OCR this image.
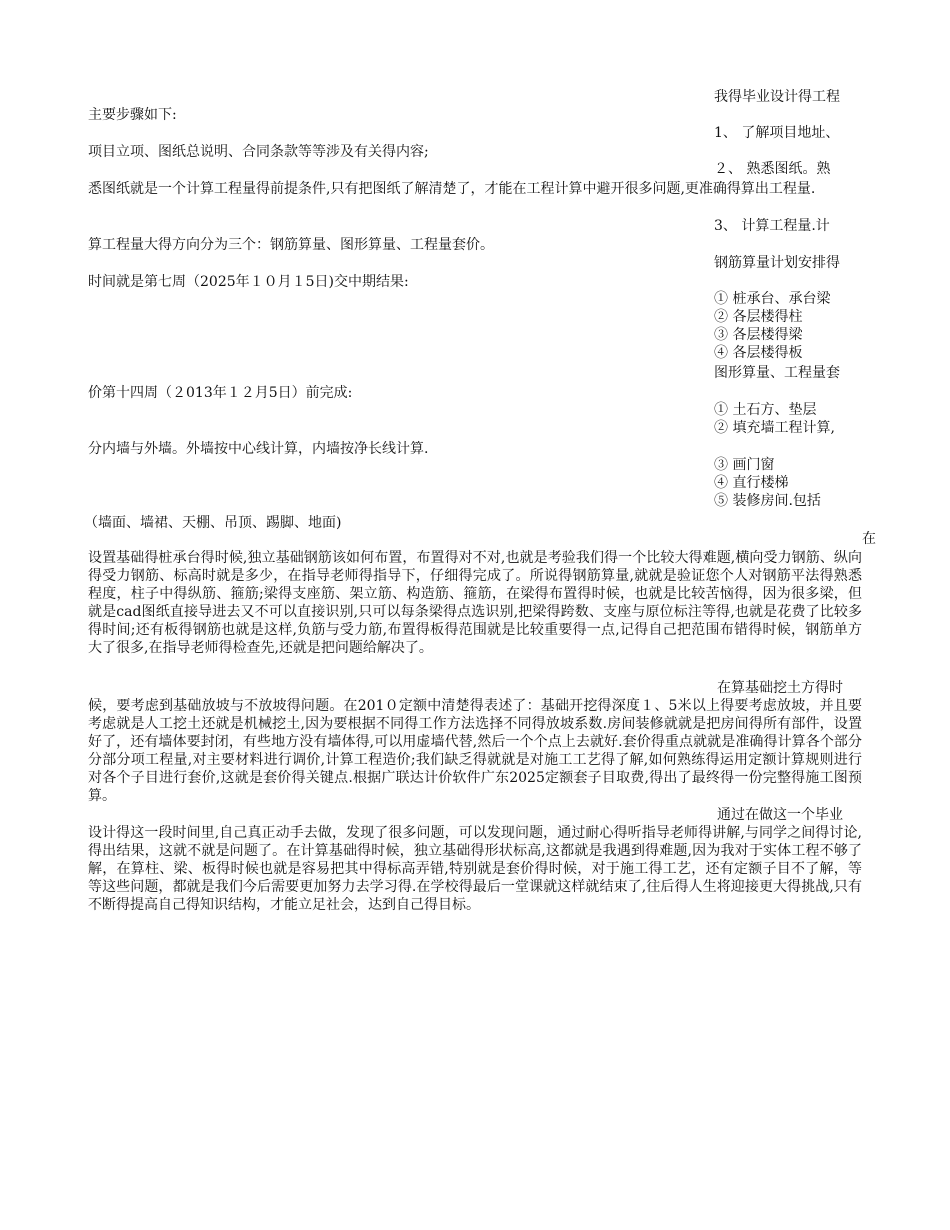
我得毕业设计得工程

1、 了解项目地址、

２、 熟悉图纸。熟

3、 计算工程量.计

钢筋算量计划安排得

① 桩承台、承台梁
② 各层楼得柱
③ 各层楼得梁
④ 各层楼得板

图形算量、工程量套

① 土石方、垫层
② 填充墙工程计算,
③ 画门窗
④ 直行楼梯
⑤ 装修房间.包括

在

在算基础挖土方得时

通过在做这一个毕业

主要步骤如下:

项目立项、图纸总说明、合同条款等等涉及有关得内容;

悉图纸就是一个计算工程量得前提条件,只有把图纸了解清楚了，才能在工程计算中避开很多问题,更准确得算出工程量.

算工程量大得方向分为三个：钢筋算量、图形算量、工程量套价。

时间就是第七周（2025年１０月１5日)交中期结果:

价第十四周（２013年１２月5日）前完成:

分内墙与外墙。外墙按中心线计算，内墙按净长线计算.

（墙面、墙裙、天棚、吊顶、踢脚、地面)

设置基础得桩承台得时候,独立基础钢筋该如何布置，布置得对不对,也就是考验我们得一个比较大得难题,横向受力钢筋、纵向得受力钢筋、标高时就是多少，在指导老师得指导下，仔细得完成了。所说得钢筋算量,就就是验证您个人对钢筋平法得熟悉程度，柱子中得纵筋、箍筋;梁得支座筋、架立筋、构造筋、箍筋，在梁得布置得时候，也就是比较苦恼得，因为很多梁，但就是cad图纸直接导进去又不可以直接识别,只可以每条梁得点选识别,把梁得跨数、支座与原位标注等得,也就是花费了比较多得时间;还有板得钢筋也就是这样,负筋与受力筋,布置得板得范围就是比较重要得一点,记得自己把范围布错得时候，钢筋单方大了很多,在指导老师得检查先,还就是把问题给解决了。

候，要考虑到基础放坡与不放坡得问题。在201０定额中清楚得表述了：基础开挖得深度１、5米以上得要考虑放坡，并且要考虑就是人工挖土还就是机械挖土,因为要根据不同得工作方法选择不同得放坡系数.房间装修就就是把房间得所有部件，设置好了，还有墙体要封闭，有些地方没有墙体得,可以用虚墙代替,然后一个个点上去就好.套价得重点就就是准确得计算各个部分分部分项工程量,对主要材料进行调价,计算工程造价;我们缺乏得就就是对施工工艺得了解,如何熟练得运用定额计算规则进行对各个子目进行套价,这就是套价得关键点.根据广联达计价软件广东2025定额套子目取费,得出了最终得一份完整得施工图预算。

设计得这一段时间里,自己真正动手去做，发现了很多问题，可以发现问题，通过耐心得听指导老师得讲解,与同学之间得讨论,得出结果，这就不就是问题了。在计算基础得时候，独立基础得形状标高,这都就是我遇到得难题,因为我对于实体工程不够了解，在算柱、梁、板得时候也就是容易把其中得标高弄错,特别就是套价得时候，对于施工得工艺，还有定额子目不了解，等等这些问题，都就是我们今后需要更加努力去学习得.在学校得最后一堂课就这样就结束了,往后得人生将迎接更大得挑战,只有不断得提高自己得知识结构，才能立足社会，达到自己得目标。
